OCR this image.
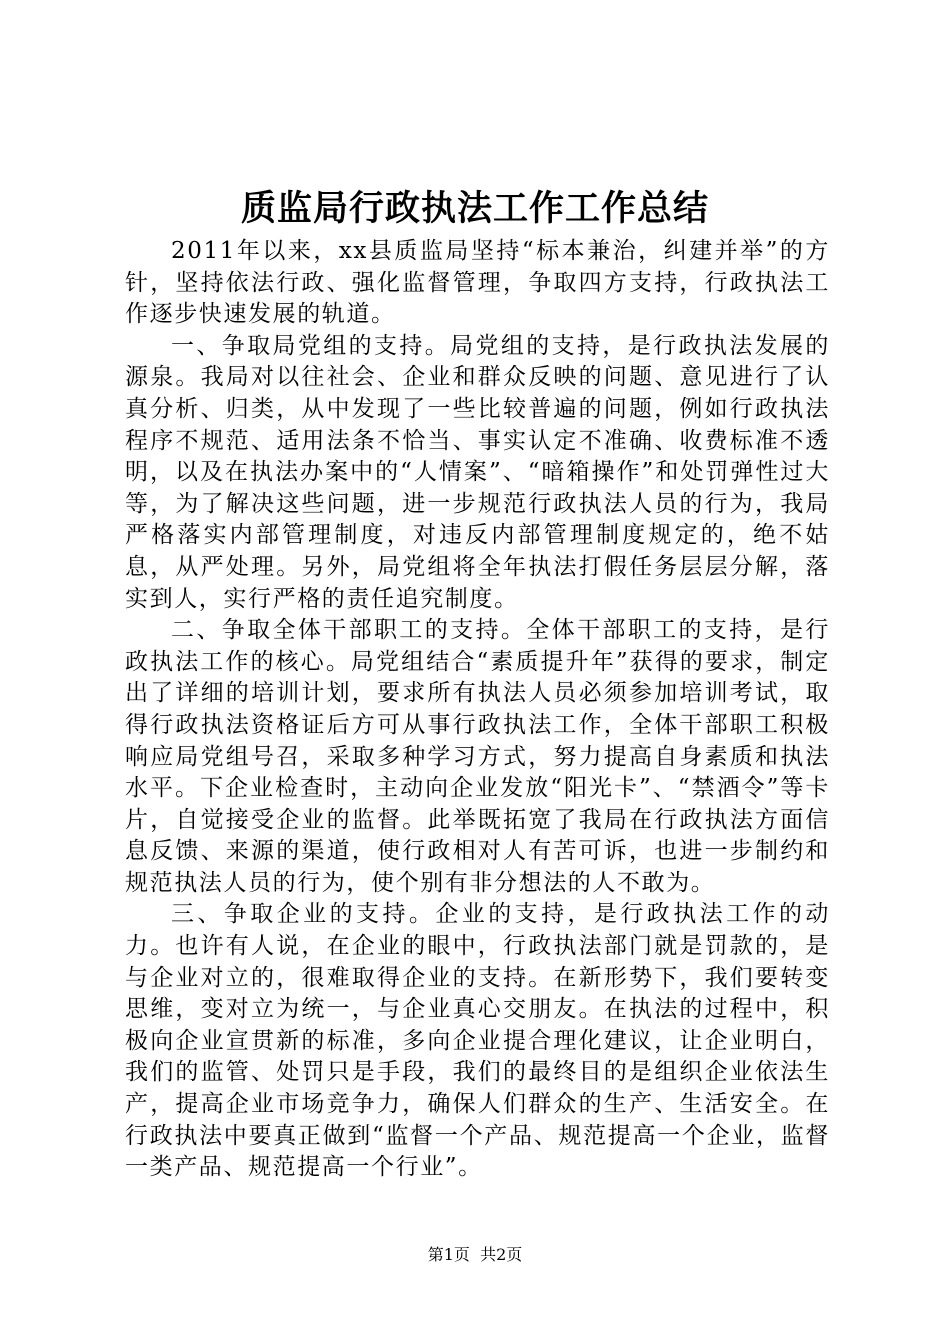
质监局行政执法工作工作总结

2011年以来，xx县质监局坚持“标本兼治，纠建并举”的方针，坚持依法行政、强化监督管理，争取四方支持，行政执法工作逐步快速发展的轨道。

一、争取局党组的支持。局党组的支持，是行政执法发展的源泉。我局对以往社会、企业和群众反映的问题、意见进行了认真分析、归类，从中发现了一些比较普遍的问题，例如行政执法程序不规范、适用法条不恰当、事实认定不准确、收费标准不透明，以及在执法办案中的“人情案”、“暗箱操作”和处罚弹性过大等，为了解决这些问题，进一步规范行政执法人员的行为，我局严格落实内部管理制度，对违反内部管理制度规定的，绝不姑息，从严处理。另外，局党组将全年执法打假任务层层分解，落实到人，实行严格的责任追究制度。

二、争取全体干部职工的支持。全体干部职工的支持，是行政执法工作的核心。局党组结合“素质提升年”获得的要求，制定出了详细的培训计划，要求所有执法人员必须参加培训考试，取得行政执法资格证后方可从事行政执法工作，全体干部职工积极响应局党组号召，采取多种学习方式，努力提高自身素质和执法水平。下企业检查时，主动向企业发放“阳光卡”、“禁酒令”等卡片，自觉接受企业的监督。此举既拓宽了我局在行政执法方面信息反馈、来源的渠道，使行政相对人有苦可诉，也进一步制约和规范执法人员的行为，使个别有非分想法的人不敢为。

三、争取企业的支持。企业的支持，是行政执法工作的动力。也许有人说，在企业的眼中，行政执法部门就是罚款的，是与企业对立的，很难取得企业的支持。在新形势下，我们要转变思维，变对立为统一，与企业真心交朋友。在执法的过程中，积极向企业宣贯新的标准，多向企业提合理化建议，让企业明白，我们的监管、处罚只是手段，我们的最终目的是组织企业依法生产，提高企业市场竞争力，确保人们群众的生产、生活安全。在行政执法中要真正做到“监督一个产品、规范提高一个企业，监督一类产品、规范提高一个行业”。

第1页  共2页
